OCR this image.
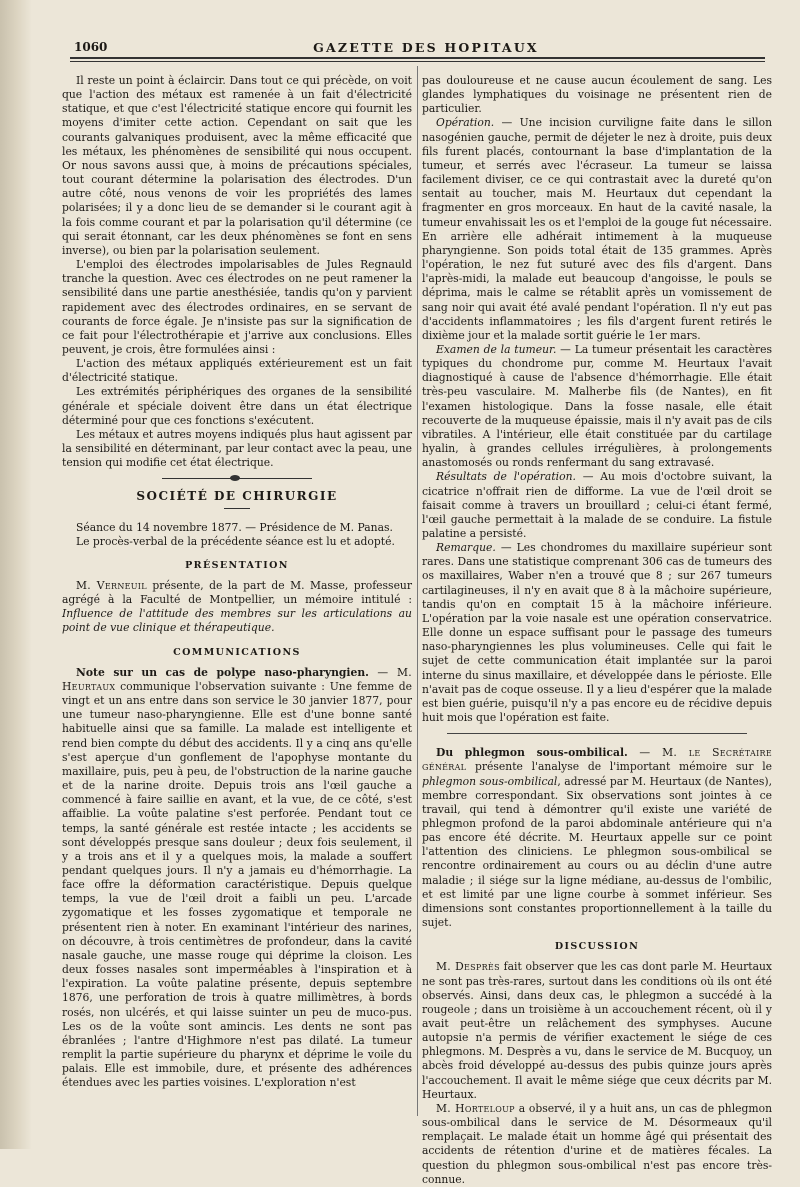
1060	GAZETTE DES HOPITAUX

Il reste un point à éclaircir. Dans tout ce qui précède, on voit que l'action des métaux est ramenée à un fait d'électricité statique, et que c'est l'électricité statique encore qui fournit les moyens d'imiter cette action. Cependant on sait que les courants galvaniques produisent, avec la même efficacité que les métaux, les phénomènes de sensibilité qui nous occupent. Or nous savons aussi que, à moins de précautions spéciales, tout courant détermine la polarisation des électrodes. D'un autre côté, nous venons de voir les propriétés des lames polarisées; il y a donc lieu de se demander si le courant agit à la fois comme courant et par la polarisation qu'il détermine (ce qui serait étonnant, car les deux phénomènes se font en sens inverse), ou bien par la polarisation seulement.

L'emploi des électrodes impolarisables de Jules Regnauld tranche la question. Avec ces électrodes on ne peut ramener la sensibilité dans une partie anesthésiée, tandis qu'on y parvient rapidement avec des électrodes ordinaires, en se servant de courants de force égale. Je n'insiste pas sur la signification de ce fait pour l'électrothérapie et j'arrive aux conclusions. Elles peuvent, je crois, être formulées ainsi :

L'action des métaux appliqués extérieurement est un fait d'électricité statique.

Les extrémités périphériques des organes de la sensibilité générale et spéciale doivent être dans un état électrique déterminé pour que ces fonctions s'exécutent.

Les métaux et autres moyens indiqués plus haut agissent par la sensibilité en déterminant, par leur contact avec la peau, une tension qui modifie cet état électrique.

SOCIÉTÉ DE CHIRURGIE

Séance du 14 novembre 1877. — Présidence de M. Panas.

Le procès-verbal de la précédente séance est lu et adopté.

PRÉSENTATION

M. Verneuil présente, de la part de M. Masse, professeur agrégé à la Faculté de Montpellier, un mémoire intitulé : Influence de l'attitude des membres sur les articulations au point de vue clinique et thérapeutique.

COMMUNICATIONS

Note sur un cas de polype naso-pharyngien. — M. Heurtaux communique l'observation suivante : Une femme de vingt et un ans entre dans son service le 30 janvier 1877, pour une tumeur naso-pharyngienne. Elle est d'une bonne santé habituelle ainsi que sa famille. La malade est intelligente et rend bien compte du début des accidents. Il y a cinq ans qu'elle s'est aperçue d'un gonflement de l'apophyse montante du maxillaire, puis, peu à peu, de l'obstruction de la narine gauche et de la narine droite. Depuis trois ans l'œil gauche a commencé à faire saillie en avant, et la vue, de ce côté, s'est affaiblie. La voûte palatine s'est perforée. Pendant tout ce temps, la santé générale est restée intacte ; les accidents se sont développés presque sans douleur ; deux fois seulement, il y a trois ans et il y a quelques mois, la malade a souffert pendant quelques jours. Il n'y a jamais eu d'hémorrhagie. La face offre la déformation caractéristique. Depuis quelque temps, la vue de l'œil droit a faibli un peu. L'arcade zygomatique et les fosses zygomatique et temporale ne présentent rien à noter. En examinant l'intérieur des narines, on découvre, à trois centimètres de profondeur, dans la cavité nasale gauche, une masse rouge qui déprime la cloison. Les deux fosses nasales sont imperméables à l'inspiration et à l'expiration. La voûte palatine présente, depuis septembre 1876, une perforation de trois à quatre millimètres, à bords rosés, non ulcérés, et qui laisse suinter un peu de muco-pus. Les os de la voûte sont amincis. Les dents ne sont pas ébranlées ; l'antre d'Highmore n'est pas dilaté. La tumeur remplit la partie supérieure du pharynx et déprime le voile du palais. Elle est immobile, dure, et présente des adhérences étendues avec les parties voisines. L'exploration n'est

pas douloureuse et ne cause aucun écoulement de sang. Les glandes lymphatiques du voisinage ne présentent rien de particulier.

Opération. — Une incision curviligne faite dans le sillon nasogénien gauche, permit de déjeter le nez à droite, puis deux fils furent placés, contournant la base d'implantation de la tumeur, et serrés avec l'écraseur. La tumeur se laissa facilement diviser, ce ce qui contrastait avec la dureté qu'on sentait au toucher, mais M. Heurtaux dut cependant la fragmenter en gros morceaux. En haut de la cavité nasale, la tumeur envahissait les os et l'emploi de la gouge fut nécessaire. En arrière elle adhérait intimement à la muqueuse pharyngienne. Son poids total était de 135 grammes. Après l'opération, le nez fut suturé avec des fils d'argent. Dans l'après-midi, la malade eut beaucoup d'angoisse, le pouls se déprima, mais le calme se rétablit après un vomissement de sang noir qui avait été avalé pendant l'opération. Il n'y eut pas d'accidents inflammatoires ; les fils d'argent furent retirés le dixième jour et la malade sortit guérie le 1er mars.

Examen de la tumeur. — La tumeur présentait les caractères typiques du chondrome pur, comme M. Heurtaux l'avait diagnostiqué à cause de l'absence d'hémorrhagie. Elle était très-peu vasculaire. M. Malherbe fils (de Nantes), en fit l'examen histologique. Dans la fosse nasale, elle était recouverte de la muqueuse épaissie, mais il n'y avait pas de cils vibratiles. A l'intérieur, elle était constituée par du cartilage hyalin, à grandes cellules irrégulières, à prolongements anastomosés ou ronds renfermant du sang extravasé.

Résultats de l'opération. — Au mois d'octobre suivant, la cicatrice n'offrait rien de difforme. La vue de l'œil droit se faisait comme à travers un brouillard ; celui-ci étant fermé, l'œil gauche permettait à la malade de se conduire. La fistule palatine a persisté.

Remarque. — Les chondromes du maxillaire supérieur sont rares. Dans une statistique comprenant 306 cas de tumeurs des os maxillaires, Waber n'en a trouvé que 8 ; sur 267 tumeurs cartilagineuses, il n'y en avait que 8 à la mâchoire supérieure, tandis qu'on en comptait 15 à la mâchoire inférieure. L'opération par la voie nasale est une opération conservatrice. Elle donne un espace suffisant pour le passage des tumeurs naso-pharyngiennes les plus volumineuses. Celle qui fait le sujet de cette communication était implantée sur la paroi interne du sinus maxillaire, et développée dans le périoste. Elle n'avait pas de coque osseuse. Il y a lieu d'espérer que la malade est bien guérie, puisqu'il n'y a pas encore eu de récidive depuis huit mois que l'opération est faite.

Du phlegmon sous-ombilical. — M. le Secrétaire général présente l'analyse de l'important mémoire sur le phlegmon sous-ombilical, adressé par M. Heurtaux (de Nantes), membre correspondant. Six observations sont jointes à ce travail, qui tend à démontrer qu'il existe une variété de phlegmon profond de la paroi abdominale antérieure qui n'a pas encore été décrite. M. Heurtaux appelle sur ce point l'attention des cliniciens. Le phlegmon sous-ombilical se rencontre ordinairement au cours ou au déclin d'une autre maladie ; il siége sur la ligne médiane, au-dessus de l'ombilic, et est limité par une ligne courbe à sommet inférieur. Ses dimensions sont constantes proportionnellement à la taille du sujet.

DISCUSSION

M. Desprès fait observer que les cas dont parle M. Heurtaux ne sont pas très-rares, surtout dans les conditions où ils ont été observés. Ainsi, dans deux cas, le phlegmon a succédé à la rougeole ; dans un troisième à un accouchement récent, où il y avait peut-être un relâchement des symphyses. Aucune autopsie n'a permis de vérifier exactement le siége de ces phlegmons. M. Desprès a vu, dans le service de M. Bucquoy, un abcès froid développé au-dessus des pubis quinze jours après l'accouchement. Il avait le même siége que ceux décrits par M. Heurtaux.

M. Horteloup a observé, il y a huit ans, un cas de phlegmon sous-ombilical dans le service de M. Désormeaux qu'il remplaçait. Le malade était un homme âgé qui présentait des accidents de rétention d'urine et de matières fécales. La question du phlegmon sous-ombilical n'est pas encore très-connue.
